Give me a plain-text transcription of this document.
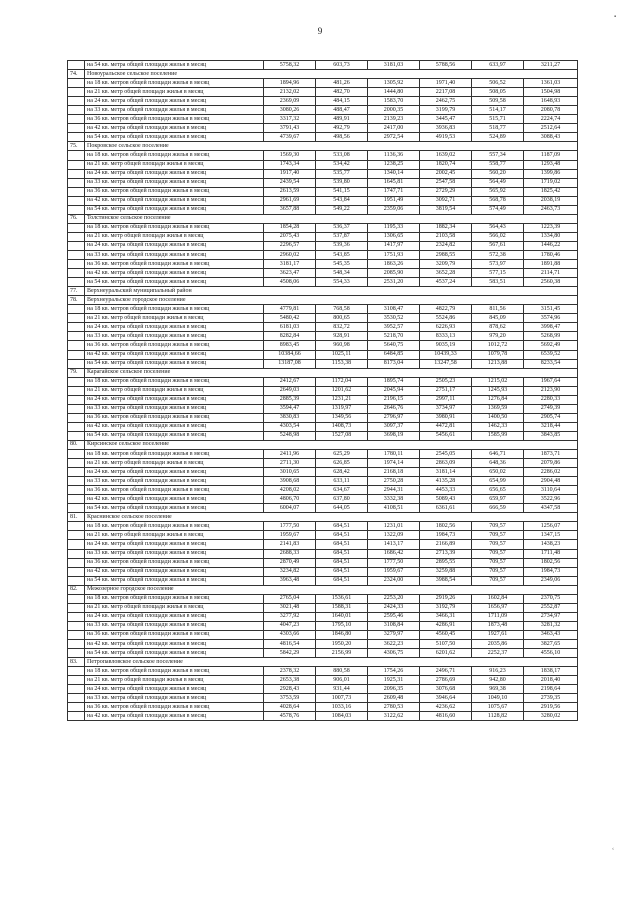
▪
9
	на 54 кв. метра общей площади жилья в месяц	5758,32	603,73	3181,03	5788,56	633,97	3211,27
74.	Новоуральское сельское поселение						
	на 18 кв. метров общей площади жилья в месяц	1894,96	481,26	1305,92	1971,40	506,52	1361,03
	на 21 кв. метр общей площади жилья в месяц	2132,02	482,70	1444,80	2217,08	508,05	1504,98
	на 24 кв. метра общей площади жилья в месяц	2369,09	484,15	1583,70	2462,75	509,58	1648,93
	на 33 кв. метра общей площади жилья в месяц	3080,26	488,47	2000,35	3199,79	514,17	2080,78
	на 36 кв. метров общей площади жилья в месяц	3317,32	489,91	2139,23	3445,47	515,71	2224,74
	на 42 кв. метра общей площади жилья в месяц	3791,43	492,79	2417,00	3936,83	518,77	2512,64
	на 54 кв. метра общей площади жилья в месяц	4739,67	498,56	2972,54	4919,53	524,89	3088,43
75.	Покровское сельское поселение						
	на 18 кв. метров общей площади жилья в месяц	1569,30	533,08	1136,36	1639,02	557,34	1187,09
	на 21 кв. метр общей площади жилья в месяц	1743,34	534,42	1238,25	1820,74	558,77	1293,48
	на 24 кв. метра общей площади жилья в месяц	1917,40	535,77	1340,14	2002,45	560,20	1399,86
	на 33 кв. метра общей площади жилья в месяц	2439,54	539,80	1645,81	2547,58	564,49	1719,02
	на 36 кв. метров общей площади жилья в месяц	2613,59	541,15	1747,71	2729,29	565,92	1825,42
	на 42 кв. метра общей площади жилья в месяц	2961,69	543,84	1951,49	3092,71	568,78	2038,19
	на 54 кв. метра общей площади жилья в месяц	3657,88	549,22	2359,06	3819,54	574,49	2463,73
76.	Толстинское сельское поселение						
	на 18 кв. метров общей площади жилья в месяц	1854,28	536,37	1195,33	1882,34	564,43	1223,39
	на 21 кв. метр общей площади жилья в месяц	2075,43	537,87	1306,65	2103,58	566,02	1334,80
	на 24 кв. метра общей площади жилья в месяц	2296,57	539,36	1417,97	2324,82	567,61	1446,22
	на 33 кв. метра общей площади жилья в месяц	2960,02	543,85	1751,93	2988,55	572,38	1780,46
	на 36 кв. метров общей площади жилья в месяц	3181,17	545,35	1863,26	3209,79	573,97	1891,88
	на 42 кв. метра общей площади жилья в месяц	3623,47	548,34	2085,90	3652,28	577,15	2114,71
	на 54 кв. метра общей площади жилья в месяц	4508,06	554,33	2531,20	4537,24	583,51	2560,38
77.	Верхнеуральский муниципальный район						
78.	Верхнеуральское городское поселение						
	на 18 кв. метров общей площади жилья в месяц	4779,81	768,58	3108,47	4822,79	811,56	3151,45
	на 21 кв. метр общей площади жилья в месяц	5480,42	800,65	3530,52	5524,86	845,09	3574,96
	на 24 кв. метра общей площади жилья в месяц	6181,03	832,72	3952,57	6226,93	878,62	3998,47
	на 33 кв. метра общей площади жилья в месяц	8282,84	928,91	5218,70	8333,13	979,20	5268,99
	на 36 кв. метров общей площади жилья в месяц	8983,45	960,98	5640,75	9035,19	1012,72	5692,49
	на 42 кв. метра общей площади жилья в месяц	10384,66	1025,11	6484,85	10439,33	1079,78	6539,52
	на 54 кв. метра общей площади жилья в месяц	13187,08	1153,38	8173,04	13247,58	1213,88	8233,54
79.	Карагайское сельское поселение						
	на 18 кв. метров общей площади жилья в месяц	2412,67	1172,04	1895,74	2505,23	1215,02	1967,64
	на 21 кв. метр общей площади жилья в месяц	2649,03	1201,62	2045,94	2751,17	1245,93	2123,90
	на 24 кв. метра общей площади жилья в месяц	2885,39	1231,21	2196,15	2997,11	1276,84	2280,33
	на 33 кв. метра общей площади жилья в месяц	3594,47	1319,97	2646,76	3734,97	1369,59	2749,39
	на 36 кв. метров общей площади жилья в месяц	3830,83	1349,56	2796,97	3980,91	1400,50	2905,74
	на 42 кв. метра общей площади жилья в месяц	4303,54	1408,73	3097,37	4472,81	1462,33	3218,44
	на 54 кв. метра общей площади жилья в месяц	5248,98	1527,08	3698,19	5456,61	1585,99	3843,85
80.	Кирсинское сельское поселение						
	на 18 кв. метров общей площади жилья в месяц	2411,96	625,29	1780,11	2545,05	646,71	1873,71
	на 21 кв. метр общей площади жилья в месяц	2711,30	626,85	1974,14	2863,09	648,36	2079,86
	на 24 кв. метра общей площади жилья в месяц	3010,65	628,42	2168,18	3181,14	650,02	2286,02
	на 33 кв. метра общей площади жилья в месяц	3908,68	633,11	2750,28	4135,28	654,99	2904,48
	на 36 кв. метров общей площади жилья в месяц	4208,02	634,67	2944,31	4453,33	656,65	3110,64
	на 42 кв. метра общей площади жилья в месяц	4806,70	637,80	3332,38	5089,43	659,97	3522,96
	на 54 кв. метра общей площади жилья в месяц	6004,07	644,05	4108,51	6361,61	666,59	4347,58
81.	Краснинское сельское поселение						
	на 18 кв. метров общей площади жилья в месяц	1777,50	684,51	1231,01	1802,56	709,57	1256,07
	на 21 кв. метр общей площади жилья в месяц	1959,67	684,51	1322,09	1984,73	709,57	1347,15
	на 24 кв. метра общей площади жилья в месяц	2141,83	684,51	1413,17	2166,89	709,57	1438,23
	на 33 кв. метра общей площади жилья в месяц	2688,33	684,51	1686,42	2713,39	709,57	1711,48
	на 36 кв. метров общей площади жилья в месяц	2870,49	684,51	1777,50	2895,55	709,57	1802,56
	на 42 кв. метра общей площади жилья в месяц	3234,82	684,51	1959,67	3259,88	709,57	1984,73
	на 54 кв. метра общей площади жилья в месяц	3963,48	684,51	2324,00	3988,54	709,57	2349,06
82.	Межозерное городское поселение						
	на 18 кв. метров общей площади жилья в месяц	2765,04	1536,61	2253,20	2919,26	1602,84	2370,75
	на 21 кв. метр общей площади жилья в месяц	3021,48	1588,31	2424,33	3192,79	1656,97	2552,87
	на 24 кв. метра общей площади жилья в месяц	3277,92	1640,01	2595,46	3466,31	1711,09	2734,97
	на 33 кв. метра общей площади жилья в месяц	4047,23	1795,10	3108,84	4286,91	1873,48	3281,32
	на 36 кв. метров общей площади жилья в месяц	4303,66	1846,80	3279,97	4560,45	1927,61	3463,43
	на 42 кв. метра общей площади жилья в месяц	4816,54	1950,20	3622,23	5107,50	2035,86	3827,65
	на 54 кв. метра общей площади жилья в месяц	5842,29	2156,99	4306,75	6201,62	2252,37	4556,10
83.	Петропавловское сельское поселение						
	на 18 кв. метров общей площади жилья в месяц	2378,32	880,58	1754,26	2496,71	916,23	1838,17
	на 21 кв. метр общей площади жилья в месяц	2653,38	906,01	1925,31	2786,69	942,80	2018,40
	на 24 кв. метра общей площади жилья в месяц	2928,43	931,44	2096,35	3076,68	969,38	2198,64
	на 33 кв. метра общей площади жилья в месяц	3753,59	1007,73	2609,48	3946,64	1049,10	2739,35
	на 36 кв. метров общей площади жилья в месяц	4028,64	1033,16	2780,53	4236,62	1075,67	2919,56
	на 42 кв. метра общей площади жилья в месяц	4578,76	1084,03	3122,62	4816,60	1128,82	3280,02
‹
